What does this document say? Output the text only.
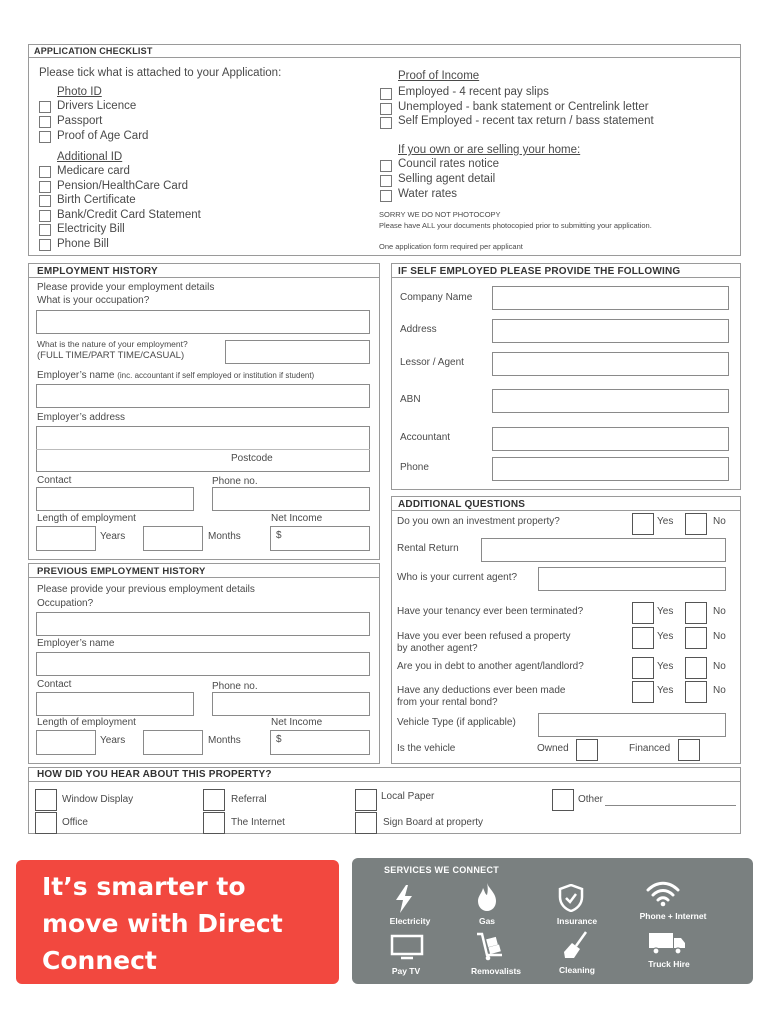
APPLICATION CHECKLIST
Please tick what is attached to your Application:
Photo ID
Drivers Licence
Passport
Proof of Age Card
Additional ID
Medicare card
Pension/HealthCare Card
Birth Certificate
Bank/Credit Card Statement
Electricity Bill
Phone Bill
Proof of Income
Employed - 4 recent pay slips
Unemployed - bank statement or Centrelink letter
Self Employed - recent tax return / bass statement
If you own or are selling your home:
Council rates notice
Selling agent detail
Water rates
SORRY WE DO NOT PHOTOCOPY
Please have ALL your documents photocopied prior to submitting your application.
One application form required per applicant
EMPLOYMENT HISTORY
Please provide your employment details
What is your occupation?
What is the nature of your employment?
(FULL TIME/PART TIME/CASUAL)
Employer’s name (inc. accountant if self employed or institution if student)
Employer’s address
Postcode
Contact	Phone no.
Length of employment	Net Income
Years	Months	$
PREVIOUS EMPLOYMENT HISTORY
Please provide your previous employment details
Occupation?
Employer’s name
Contact	Phone no.
Length of employment	Net Income
Years	Months	$
IF SELF EMPLOYED PLEASE PROVIDE THE FOLLOWING
Company Name
Address
Lessor / Agent
ABN
Accountant
Phone
ADDITIONAL QUESTIONS
Do you own an investment property?	Yes	No
Rental Return
Who is your current agent?
Have your tenancy ever been terminated?	Yes	No
Have you ever been refused a property
by another agent?
Yes	No
Are you in debt to another agent/landlord?	Yes	No
Have any deductions ever been made
from your rental bond?
Yes	No
Vehicle Type (if applicable)
Is the vehicle	Owned	Financed
HOW DID YOU HEAR ABOUT THIS PROPERTY?
Window Display	Referral	Local Paper	Other
Office	The Internet	Sign Board at property
It’s smarter to
move with Direct
Connect
SERVICES WE CONNECT
Electricity	Gas	Insurance	Phone + Internet
Pay TV	Removalists	Cleaning
Truck Hire
